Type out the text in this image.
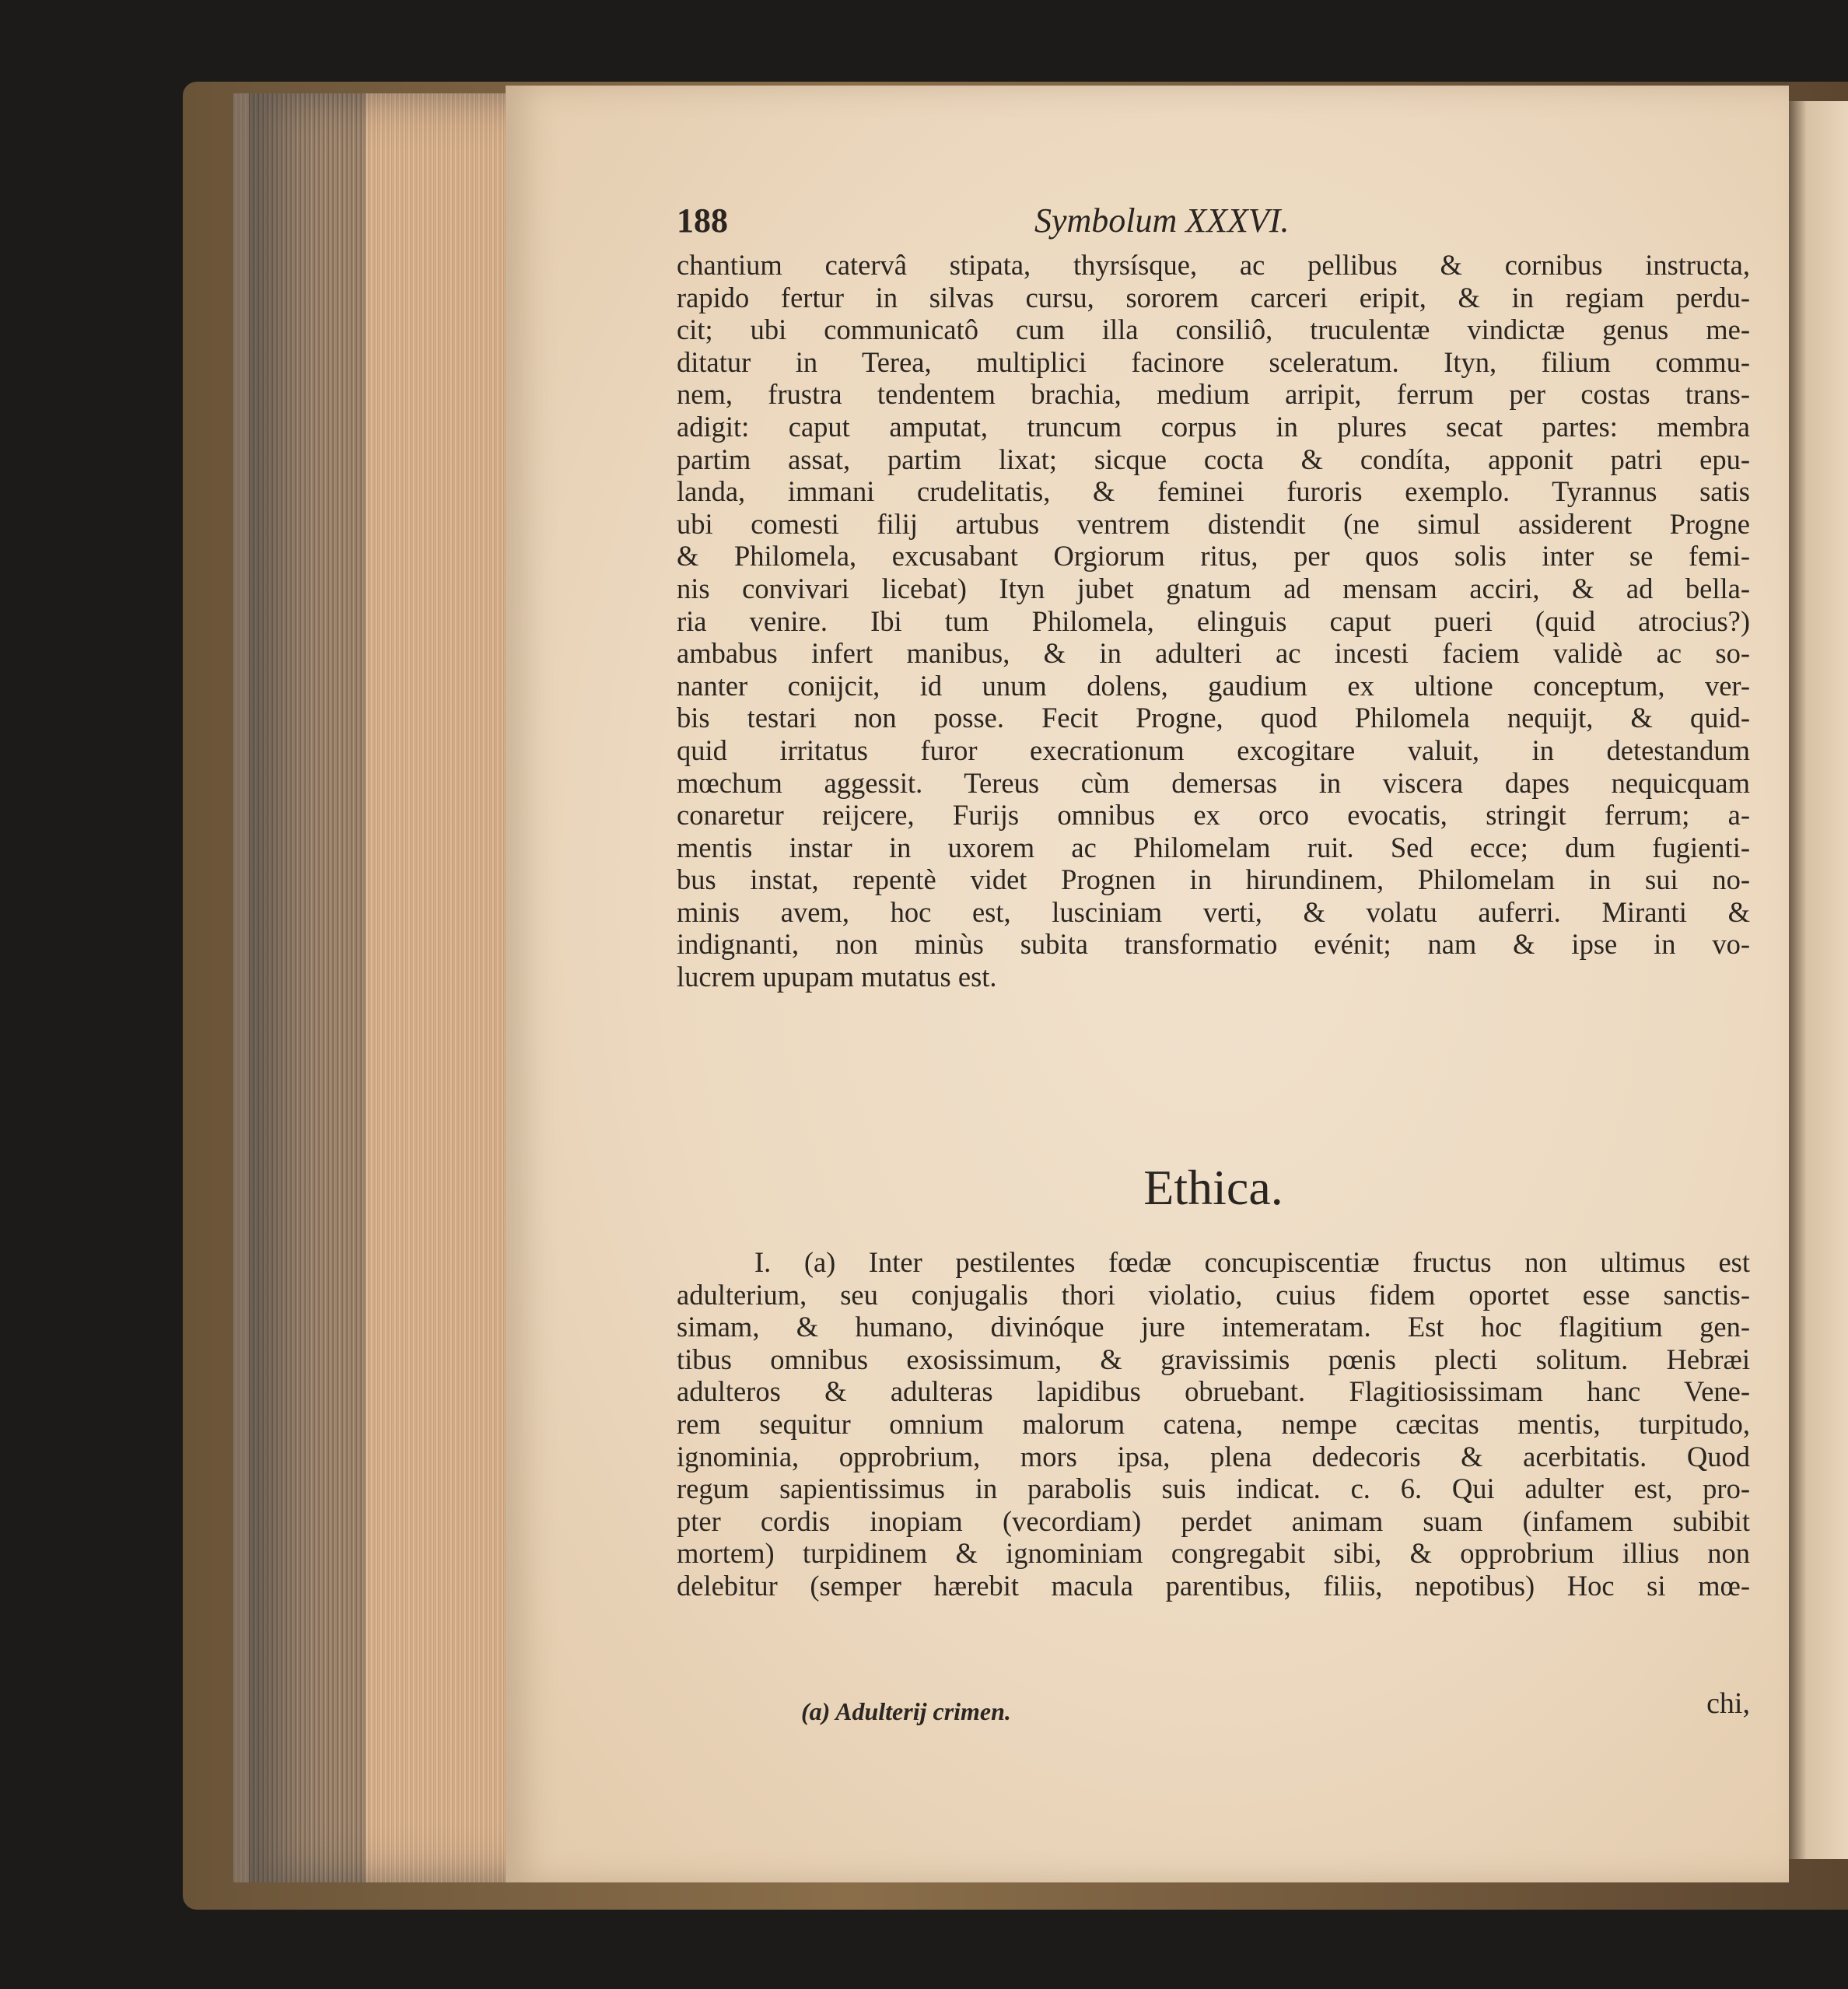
188	Symbolum XXXVI.
chantium catervâ stipata, thyrsísque, ac pellibus & cornibus instructa,
rapido fertur in silvas cursu, sororem carceri eripit, & in regiam perdu-
cit; ubi communicatô cum illa consiliô, truculentæ vindictæ genus me-
ditatur in Terea, multiplici facinore sceleratum. Ityn, filium commu-
nem, frustra tendentem brachia, medium arripit, ferrum per costas trans-
adigit: caput amputat, truncum corpus in plures secat partes: membra
partim assat, partim lixat; sicque cocta & condíta, apponit patri epu-
landa, immani crudelitatis, & feminei furoris exemplo. Tyrannus satis
ubi comesti filij artubus ventrem distendit (ne simul assiderent Progne
& Philomela, excusabant Orgiorum ritus, per quos solis inter se femi-
nis convivari licebat) Ityn jubet gnatum ad mensam acciri, & ad bella-
ria venire. Ibi tum Philomela, elinguis caput pueri (quid atrocius?)
ambabus infert manibus, & in adulteri ac incesti faciem validè ac so-
nanter conijcit, id unum dolens, gaudium ex ultione conceptum, ver-
bis testari non posse. Fecit Progne, quod Philomela nequijt, & quid-
quid irritatus furor execrationum excogitare valuit, in detestandum
mœchum aggessit. Tereus cùm demersas in viscera dapes nequicquam
conaretur reijcere, Furijs omnibus ex orco evocatis, stringit ferrum; a-
mentis instar in uxorem ac Philomelam ruit. Sed ecce; dum fugienti-
bus instat, repentè videt Prognen in hirundinem, Philomelam in sui no-
minis avem, hoc est, lusciniam verti, & volatu auferri. Miranti &
indignanti, non minùs subita transformatio evénit; nam & ipse in vo-
lucrem upupam mutatus est.
Ethica.
I. (a) Inter pestilentes fœdæ concupiscentiæ fructus non ultimus est
adulterium, seu conjugalis thori violatio, cuius fidem oportet esse sanctis-
simam, & humano, divinóque jure intemeratam. Est hoc flagitium gen-
tibus omnibus exosissimum, & gravissimis pœnis plecti solitum. Hebræi
adulteros & adulteras lapidibus obruebant. Flagitiosissimam hanc Vene-
rem sequitur omnium malorum catena, nempe cæcitas mentis, turpitudo,
ignominia, opprobrium, mors ipsa, plena dedecoris & acerbitatis. Quod
regum sapientissimus in parabolis suis indicat. c. 6. Qui adulter est, pro-
pter cordis inopiam (vecordiam) perdet animam suam (infamem subibit
mortem) turpidinem & ignominiam congregabit sibi, & opprobrium illius non
delebitur (semper hærebit macula parentibus, filiis, nepotibus) Hoc si mœ-
chi,
(a) Adulterij crimen.
